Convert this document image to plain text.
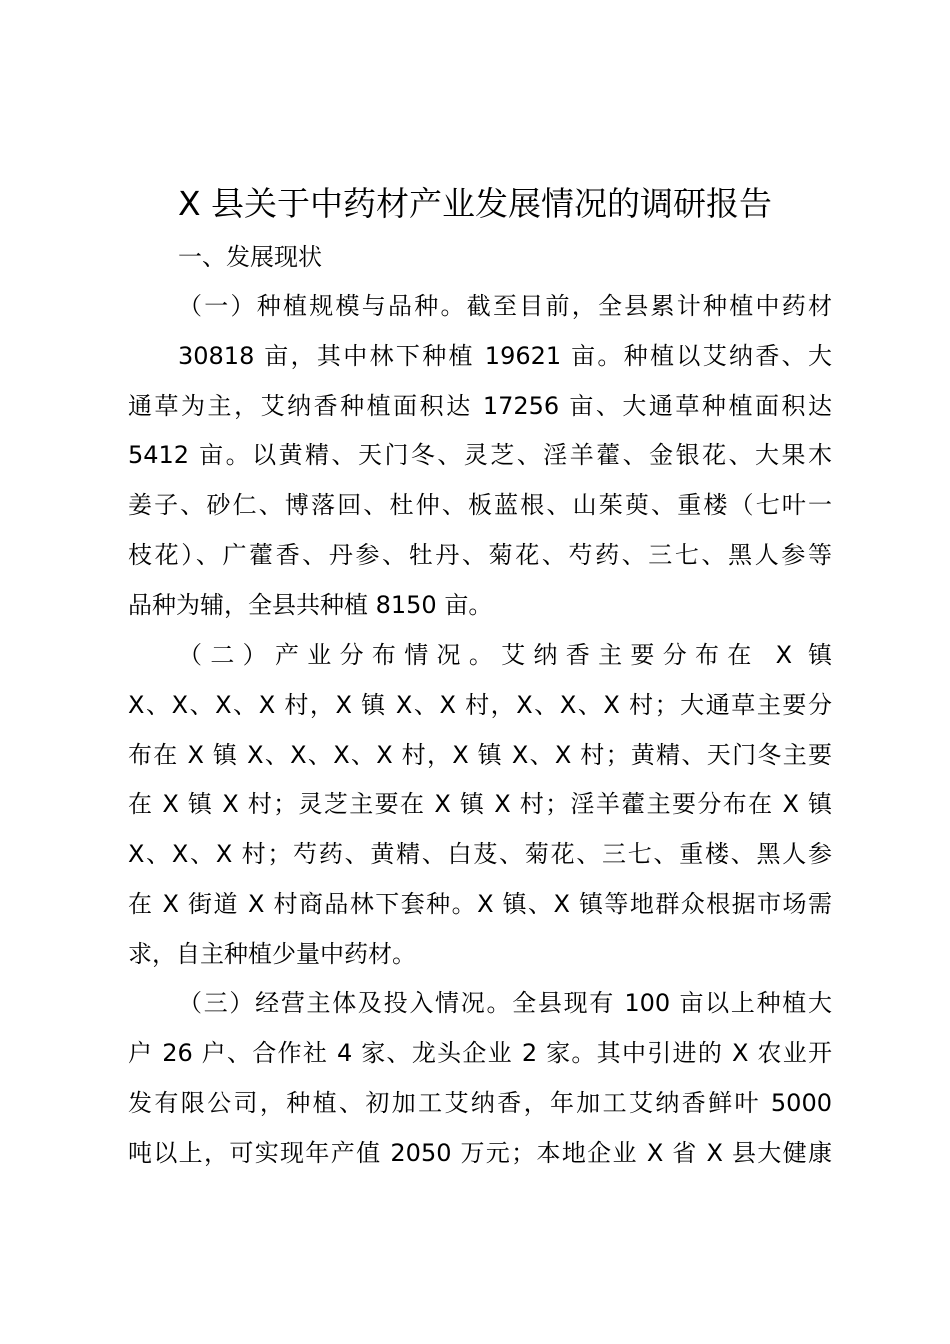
X 县关于中药材产业发展情况的调研报告
一、发展现状
（一）种植规模与品种。截至目前，全县累计种植中药材
30818 亩，其中林下种植 19621 亩。种植以艾纳香、大
通草为主，艾纳香种植面积达 17256 亩、大通草种植面积达
5412 亩。以黄精、天门冬、灵芝、淫羊藿、金银花、大果木
姜子、砂仁、博落回、杜仲、板蓝根、山茱萸、重楼（七叶一
枝花）、广藿香、丹参、牡丹、菊花、芍药、三七、黑人参等
品种为辅，全县共种植 8150 亩。
（二）产业分布情况。艾纳香主要分布在 X 镇
X、X、X、X 村，X 镇 X、X 村，X、X、X 村；大通草主要分
布在 X 镇 X、X、X、X 村，X 镇 X、X 村；黄精、天门冬主要
在 X 镇 X 村；灵芝主要在 X 镇 X 村；淫羊藿主要分布在 X 镇
X、X、X 村；芍药、黄精、白芨、菊花、三七、重楼、黑人参
在 X 街道 X 村商品林下套种。X 镇、X 镇等地群众根据市场需
求，自主种植少量中药材。
（三）经营主体及投入情况。全县现有 100 亩以上种植大
户 26 户、合作社 4 家、龙头企业 2 家。其中引进的 X 农业开
发有限公司，种植、初加工艾纳香，年加工艾纳香鲜叶 5000
吨以上，可实现年产值 2050 万元；本地企业 X 省 X 县大健康
